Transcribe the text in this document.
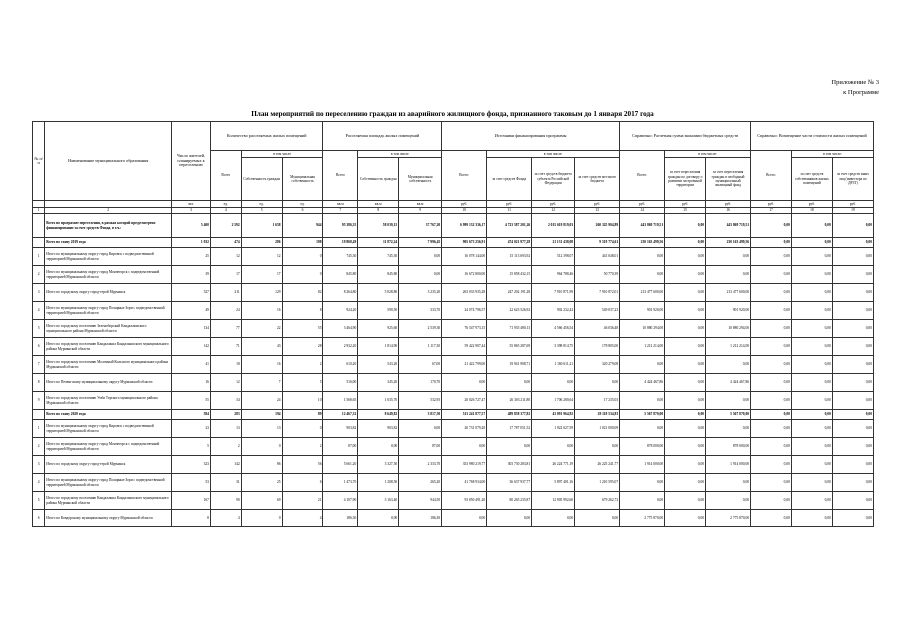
Приложение № 3
к Программе
План мероприятий по переселению граждан из аварийного жилищного фонда, признанного таковым до 1 января 2017 года
№ п/п	Наименование муниципального образования	Число жителей, планируемых к переселению	Количество расселяемых жилых помещений			Расселяемая площадь жилых помещений			Источники финансирования программы				Справочно: Расчетная сумма экономии бюджетных средств			Справочно: Возмещение части стоимости жилых помещений		
			Всего	в том числе		Всего	в том числе		Всего:	в том числе:			Всего:	в том числе:		Всего:	в том числе:	
				Собственность граждан	Муниципальная собственность		Собственность граждан	Муниципальная собственность		за счет средств Фонда	за счет средств бюджета субъекта Российской Федерации	за счет средств местного бюджета		за счет переселения граждан по договору о развитии застроенной территории	за счет переселения граждан в свободный муниципальный жилищный фонд		за счет средств собственников жилых помещений	за счет средств иных лиц (инвестора по ДРЗТ)
		чел.	ед.	ед.	ед.	кв.м	кв.м	кв.м	руб.	руб.	руб.	руб.	руб.	руб.	руб.	руб.	руб.	руб.
1	2	3	4	5	6	7	8	9	10	11	12	13	14	15	16	17	18	19
	Всего по программе переселения, в рамках которой предусмотрено финансирование за счет средств Фонда, в т.ч.:	5 400	2 592	1 658	944	95 386,35	58 039,15	37 767,20	6 999 132 336,17	4 723 587 201,26	2 015 619 819,03	260 325 904,89	443 869 719,51	0,00	443 869 719,51	0,00	0,00	0,00
	Всего по этапу 2019 года	1 032	474	286	198	19 868,49	11 872,24	7 996,45	905 673 256,91	474 021 977,28	21 131 438,08	9 519 774,61	230 163 499,56	0,00	230 163 499,56	0,00	0,00	0,00
1	Итого по муниципальному округу город Кировск с подведомственной территорией Мурманской области	25	12	12	0	745,30	745,30	0,00	16 078 144,00	15 113 693,92	512 398,07	441 048,01	0,00	0,00	0,00	0,00	0,00	0,00
2	Итого по муниципальному округу город Мончегорск с подведомственной территорией Мурманской области	39	17	17	0	845,80	845,80	0,00	16 672 800,00	15 858 432,15	964 788,46	50 770,39	0,00	0,00	0,00	0,00	0,00	0,00
3	Итого по городскому округу город-герой Мурманск	527	211	129	82	8 264,80	5 028,80	3 235,20	263 033 935,28	247 202 191,28	7 910 871,99	7 910 872,01	213 477 600,00	0,00	213 477 600,00	0,00	0,00	0,00
4	Итого по муниципальному округу город Полярные Зори с подведомственной территорией Мурманской области	49	24	16	8	924,20	590,50	333,70	24 074 796,57	22 623 526,92	902 232,42	549 037,23	901 920,00	0,00	901 920,00	0,00	0,00	0,00
5	Итого по городскому поселению Зеленоборский Кандалакшского муниципального района Мурманской области	134	77	22	55	3 464,90	925,60	2 539,30	76 547 973,15	71 935 480,13	4 566 456,54	46 036,48	10 880 294,00	0,00	10 880 294,00	0,00	0,00	0,00
6	Итого по городскому поселению Кандалакша Кандалакшского муниципального района Мурманской области	142	71	43	28	2 932,20	1 814,90	1 117,30	59 422 907,44	55 865 287,69	3 398 814,75	178 805,00	1 212 214,00	0,00	1 212 214,00	0,00	0,00	0,00
7	Итого по городскому поселению Молочный Кольского муниципального района Мурманской области	41	18	16	2	610,20	543,20	67,00	21 422 799,00	19 941 908,71	1 160 611,21	320 279,08	0,00	0,00	0,00	0,00	0,00	0,00
8	Итого по Печенгскому муниципальному округу Мурманской области	16	12	7	5	516,00	345,20	170,70	0,00	0,00	0,00	0,00	4 424 467,86	0,00	4 424 467,86	0,00	0,00	0,00
9	Итого по городскому поселению Умба Терского муниципального района Мурманской области	55	34	24	10	1 568,65	1 035,70	532,95	20 026 727,47	26 303 211,80	1 706 280,64	17 235,03	0,00	0,00	0,00	0,00	0,00	0,00
	Всего по этапу 2020 года	584	283	194	89	12 467,32	8 649,82	3 817,50	513 241 877,57	489 838 377,82	43 091 964,92	29 118 534,83	5 567 870,00	0,00	5 567 870,00	0,00	0,00	0,00
1	Итого по муниципальному округу город Кировск с подведомственной территорией Мурманской области	23	13	13	0	903,82	903,82	0,00	20 731 079,20	17 787 051,52	1 922 027,59	1 021 000,09	0,00	0,00	0,00	0,00	0,00	0,00
2	Итого по муниципальному округу город Мончегорск с подведомственной территорией Мурманской области	5	2	0	2	87,00	0,00	87,00	0,00	0,00	0,00	0,00	878 000,00	0,00	878 000,00	0,00	0,00	0,00
3	Итого по городскому округу город-герой Мурманск	323	142	86	56	5 661,20	3 327,50	2 333,70	353 980 219,77	303 730 283,81	26 224 771,19	26 225 241,77	1 914 000,00	0,00	1 914 000,00	0,00	0,00	0,00
4	Итого по муниципальному округу город Полярные Зори с подведомственной территорией Мурманской области	53	31	25	6	1 473,70	1 208,50	265,20	41 768 934,00	36 637 937,77	5 897 401,16	1 210 595,07	0,00	0,00	0,00	0,00	0,00	0,00
5	Итого по городскому поселению Кандалакша Кандалакшского муниципального района Мурманской области	167	90	69	21	4 107,90	3 163,40	944,50	93 850 491,20	80 265 235,87	12 905 992,60	679 262,73	0,00	0,00	0,00	0,00	0,00	0,00
6	Итого по Ковдорскому муниципальному округу Мурманской области	8	4	0	4	186,30	0,00	186,30	0,00	0,00	0,00	0,00	2 775 870,00	0,00	2 775 870,00	0,00	0,00	0,00
